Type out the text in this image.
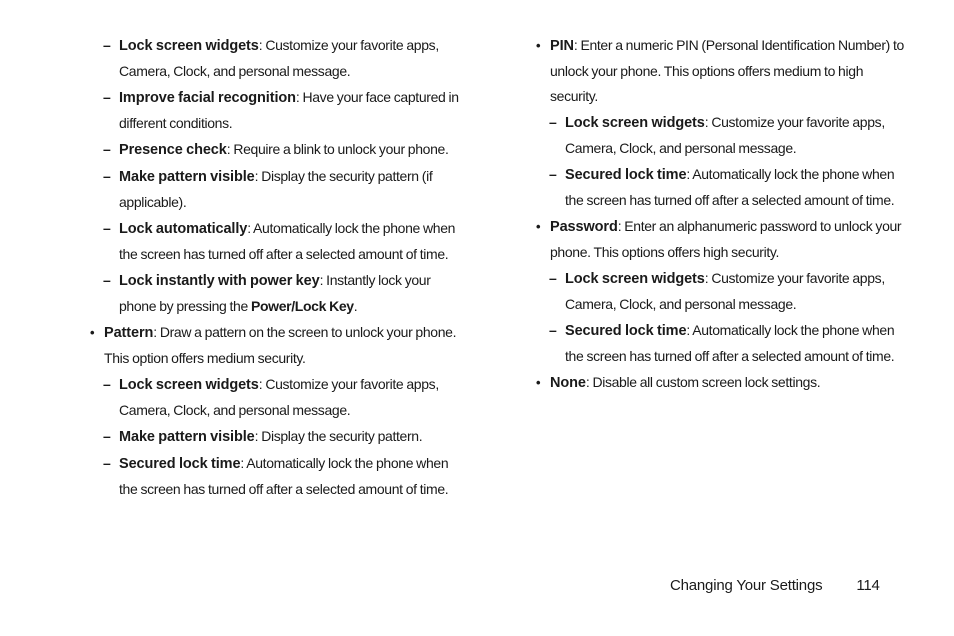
– Lock screen widgets: Customize your favorite apps, Camera, Clock, and personal message.
– Improve facial recognition: Have your face captured in different conditions.
– Presence check: Require a blink to unlock your phone.
– Make pattern visible: Display the security pattern (if applicable).
– Lock automatically: Automatically lock the phone when the screen has turned off after a selected amount of time.
– Lock instantly with power key: Instantly lock your phone by pressing the Power/Lock Key.
• Pattern: Draw a pattern on the screen to unlock your phone. This option offers medium security.
– Lock screen widgets: Customize your favorite apps, Camera, Clock, and personal message.
– Make pattern visible: Display the security pattern.
– Secured lock time: Automatically lock the phone when the screen has turned off after a selected amount of time.
• PIN: Enter a numeric PIN (Personal Identification Number) to unlock your phone. This options offers medium to high security.
– Lock screen widgets: Customize your favorite apps, Camera, Clock, and personal message.
– Secured lock time: Automatically lock the phone when the screen has turned off after a selected amount of time.
• Password: Enter an alphanumeric password to unlock your phone. This options offers high security.
– Lock screen widgets: Customize your favorite apps, Camera, Clock, and personal message.
– Secured lock time: Automatically lock the phone when the screen has turned off after a selected amount of time.
• None: Disable all custom screen lock settings.
Changing Your Settings 114
